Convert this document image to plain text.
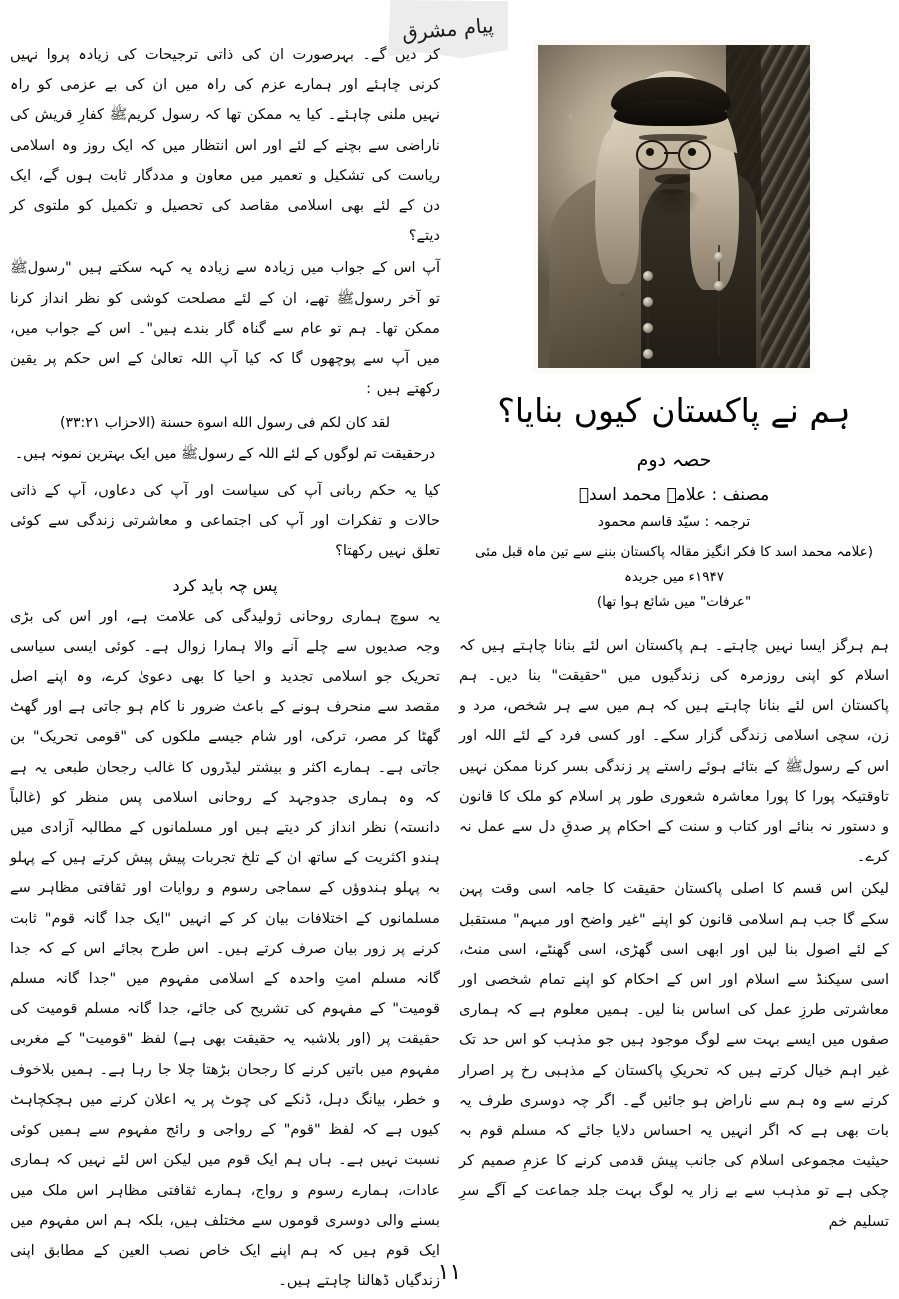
پیام مشرق
ہم نے پاکستان کیوں بنایا؟
حصہ دوم
مصنف : علامہ محمد اسدؒ
ترجمہ : سیّد قاسم محمود
(علامہ محمد اسد کا فکر انگیز مقالہ پاکستان بننے سے تین ماہ قبل مئی ۱۹۴۷ء میں جریدہ
"عرفات" میں شائع ہوا تھا)

ہم ہرگز ایسا نہیں چاہتے۔ ہم پاکستان اس لئے بنانا چاہتے ہیں کہ اسلام کو اپنی روزمرہ کی زندگیوں میں "حقیقت" بنا دیں۔ ہم پاکستان اس لئے بنانا چاہتے ہیں کہ ہم میں سے ہر شخص، مرد و زن، سچی اسلامی زندگی گزار سکے۔ اور کسی فرد کے لئے اللہ اور اس کے رسولﷺ کے بتائے ہوئے راستے پر زندگی بسر کرنا ممکن نہیں تاوقتیکہ پورا کا پورا معاشرہ شعوری طور پر اسلام کو ملک کا قانون و دستور نہ بنائے اور کتاب و سنت کے احکام پر صدقِ دل سے عمل نہ کرے۔

لیکن اس قسم کا اصلی پاکستان حقیقت کا جامہ اسی وقت پہن سکے گا جب ہم اسلامی قانون کو اپنے "غیر واضح اور مبہم" مستقبل کے لئے اصول بنا لیں اور ابھی اسی گھڑی، اسی گھنٹے، اسی منٹ، اسی سیکنڈ سے اسلام اور اس کے احکام کو اپنے تمام شخصی اور معاشرتی طرزِ عمل کی اساس بنا لیں۔ ہمیں معلوم ہے کہ ہماری صفوں میں ایسے بہت سے لوگ موجود ہیں جو مذہب کو اس حد تک غیر اہم خیال کرتے ہیں کہ تحریکِ پاکستان کے مذہبی رخ پر اصرار کرنے سے وہ ہم سے ناراض ہو جائیں گے۔ اگر چہ دوسری طرف یہ بات بھی ہے کہ اگر انہیں یہ احساس دلایا جائے کہ مسلم قوم بہ حیثیت مجموعی اسلام کی جانب پیش قدمی کرنے کا عزمِ صمیم کر چکی ہے تو مذہب سے بے زار یہ لوگ بہت جلد جماعت کے آگے سرِ تسلیم خم

کر دیں گے۔ بہرصورت ان کی ذاتی ترجیحات کی زیادہ پروا نہیں کرنی چاہئے اور ہمارے عزم کی راہ میں ان کی بے عزمی کو راہ نہیں ملنی چاہئے۔ کیا یہ ممکن تھا کہ رسول کریمﷺ کفارِ قریش کی ناراضی سے بچنے کے لئے اور اس انتظار میں کہ ایک روز وہ اسلامی ریاست کی تشکیل و تعمیر میں معاون و مددگار ثابت ہوں گے، ایک دن کے لئے بھی اسلامی مقاصد کی تحصیل و تکمیل کو ملتوی کر دیتے؟

آپ اس کے جواب میں زیادہ سے زیادہ یہ کہہ سکتے ہیں "رسولﷺ تو آخر رسولﷺ تھے، ان کے لئے مصلحت کوشی کو نظر انداز کرنا ممکن تھا۔ ہم تو عام سے گناہ گار بندے ہیں"۔ اس کے جواب میں، میں آپ سے پوچھوں گا کہ کیا آپ اللہ تعالیٰ کے اس حکم پر یقین رکھتے ہیں :

لقد كان لكم فى رسول الله اسوة حسنة (الاحزاب ۳۳:۲۱)
درحقیقت تم لوگوں کے لئے اللہ کے رسولﷺ میں ایک بہترین نمونہ ہیں۔

کیا یہ حکم ربانی آپ کی سیاست اور آپ کی دعاوں، آپ کے ذاتی حالات و تفکرات اور آپ کی اجتماعی و معاشرتی زندگی سے کوئی تعلق نہیں رکھتا؟

پس چہ باید کرد

یہ سوچ ہماری روحانی ژولیدگی کی علامت ہے، اور اس کی بڑی وجہ صدیوں سے چلے آنے والا ہمارا زوال ہے۔ کوئی ایسی سیاسی تحریک جو اسلامی تجدید و احیا کا بھی دعویٰ کرے، وہ اپنے اصل مقصد سے منحرف ہونے کے باعث ضرور نا کام ہو جاتی ہے اور گھٹ گھٹا کر مصر، ترکی، اور شام جیسے ملکوں کی "قومی تحریک" بن جاتی ہے۔ ہمارے اکثر و بیشتر لیڈروں کا غالب رجحان طبعی یہ ہے کہ وہ ہماری جدوجہد کے روحانی اسلامی پس منظر کو (غالباً دانستہ) نظر انداز کر دیتے ہیں اور مسلمانوں کے مطالبہ آزادی میں ہندو اکثریت کے ساتھ ان کے تلخ تجربات پیش پیش کرتے ہیں کے پہلو بہ پہلو ہندوؤں کے سماجی رسوم و روایات اور ثقافتی مظاہر سے مسلمانوں کے اختلافات بیان کر کے انہیں "ایک جدا گانہ قوم" ثابت کرنے پر زور بیان صرف کرتے ہیں۔ اس طرح بجائے اس کے کہ جدا گانہ مسلم امتِ واحدہ کے اسلامی مفہوم میں "جدا گانہ مسلم قومیت" کے مفہوم کی تشریح کی جائے، جدا گانہ مسلم قومیت کی حقیقت پر (اور بلاشبہ یہ حقیقت بھی ہے) لفظ "قومیت" کے مغربی مفہوم میں باتیں کرنے کا رجحان بڑھتا چلا جا رہا ہے۔ ہمیں بلاخوف و خطر، بیانگ دہل، ڈنکے کی چوٹ پر یہ اعلان کرنے میں ہچکچاہٹ کیوں ہے کہ لفظ "قوم" کے رواجی و رائج مفہوم سے ہمیں کوئی نسبت نہیں ہے۔ ہاں ہم ایک قوم میں لیکن اس لئے نہیں کہ ہماری عادات، ہمارے رسوم و رواج، ہمارے ثقافتی مظاہر اس ملک میں بسنے والی دوسری قوموں سے مختلف ہیں، بلکہ ہم اس مفہوم میں ایک قوم ہیں کہ ہم اپنے ایک خاص نصب العین کے مطابق اپنی زندگیاں ڈھالنا چاہتے ہیں۔

١١
